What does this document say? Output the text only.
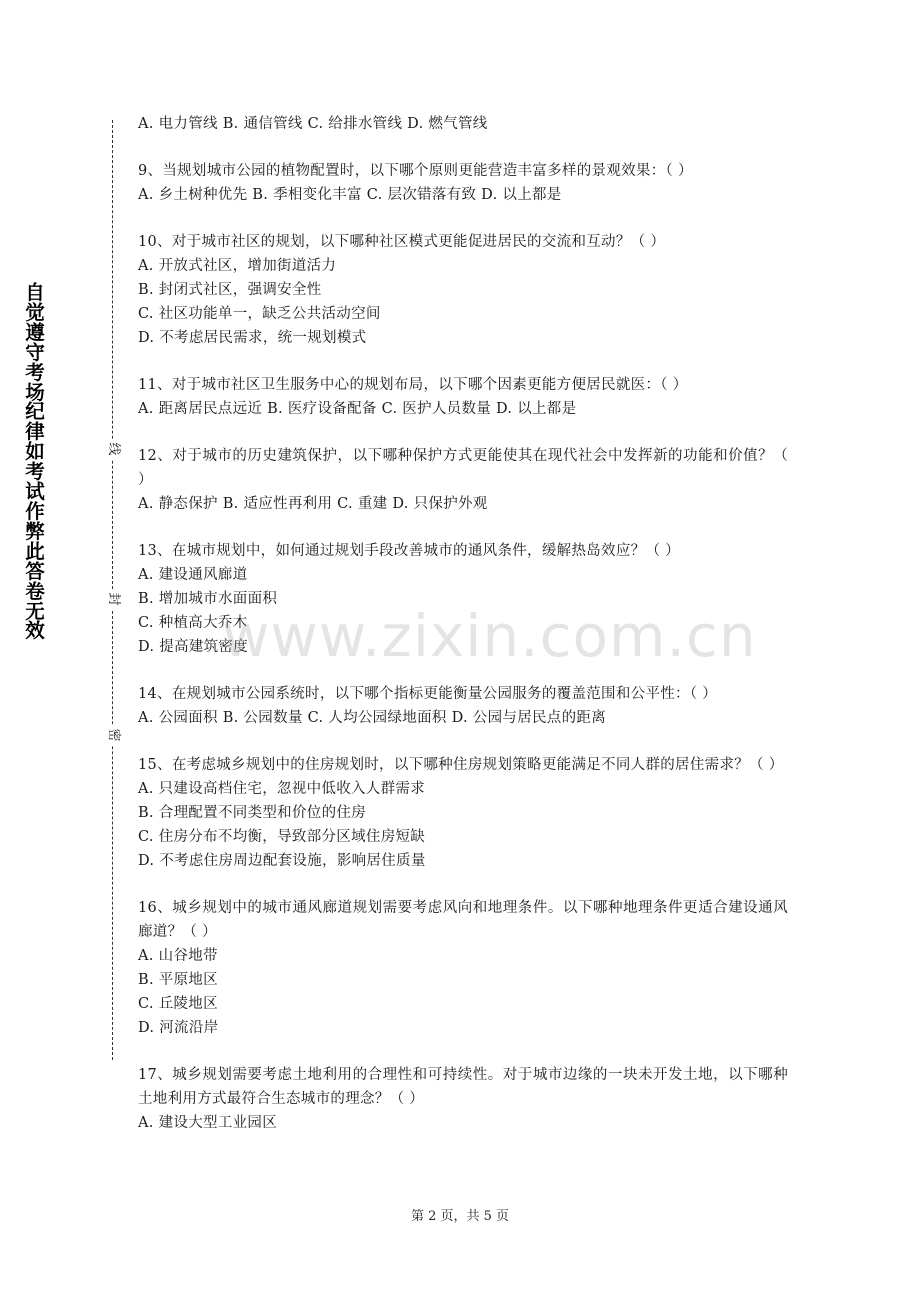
自
觉
遵
守
考
场
纪
律
如
考
试
作
弊
此
答
卷
无
效
线
封
密

A. 电力管线 B. 通信管线 C. 给排水管线 D. 燃气管线

9、当规划城市公园的植物配置时，以下哪个原则更能营造丰富多样的景观效果：（ ）

A. 乡土树种优先 B. 季相变化丰富 C. 层次错落有致 D. 以上都是

10、对于城市社区的规划，以下哪种社区模式更能促进居民的交流和互动？（ ）

A. 开放式社区，增加街道活力

B. 封闭式社区，强调安全性

C. 社区功能单一，缺乏公共活动空间

D. 不考虑居民需求，统一规划模式

11、对于城市社区卫生服务中心的规划布局，以下哪个因素更能方便居民就医：（ ）

A. 距离居民点远近 B. 医疗设备配备 C. 医护人员数量 D. 以上都是

12、对于城市的历史建筑保护，以下哪种保护方式更能使其在现代社会中发挥新的功能和价值？（ ）

A. 静态保护 B. 适应性再利用 C. 重建 D. 只保护外观

13、在城市规划中，如何通过规划手段改善城市的通风条件，缓解热岛效应？（ ）

A. 建设通风廊道

B. 增加城市水面面积

C. 种植高大乔木

D. 提高建筑密度

14、在规划城市公园系统时，以下哪个指标更能衡量公园服务的覆盖范围和公平性：（ ）

A. 公园面积 B. 公园数量 C. 人均公园绿地面积 D. 公园与居民点的距离

15、在考虑城乡规划中的住房规划时，以下哪种住房规划策略更能满足不同人群的居住需求？（ ）

A. 只建设高档住宅，忽视中低收入人群需求

B. 合理配置不同类型和价位的住房

C. 住房分布不均衡，导致部分区域住房短缺

D. 不考虑住房周边配套设施，影响居住质量

16、城乡规划中的城市通风廊道规划需要考虑风向和地理条件。以下哪种地理条件更适合建设通风廊道？（ ）

A. 山谷地带

B. 平原地区

C. 丘陵地区

D. 河流沿岸

17、城乡规划需要考虑土地利用的合理性和可持续性。对于城市边缘的一块未开发土地，以下哪种土地利用方式最符合生态城市的理念？（ ）

A. 建设大型工业园区

www.zixin.com.cn
第 2 页，共 5 页
